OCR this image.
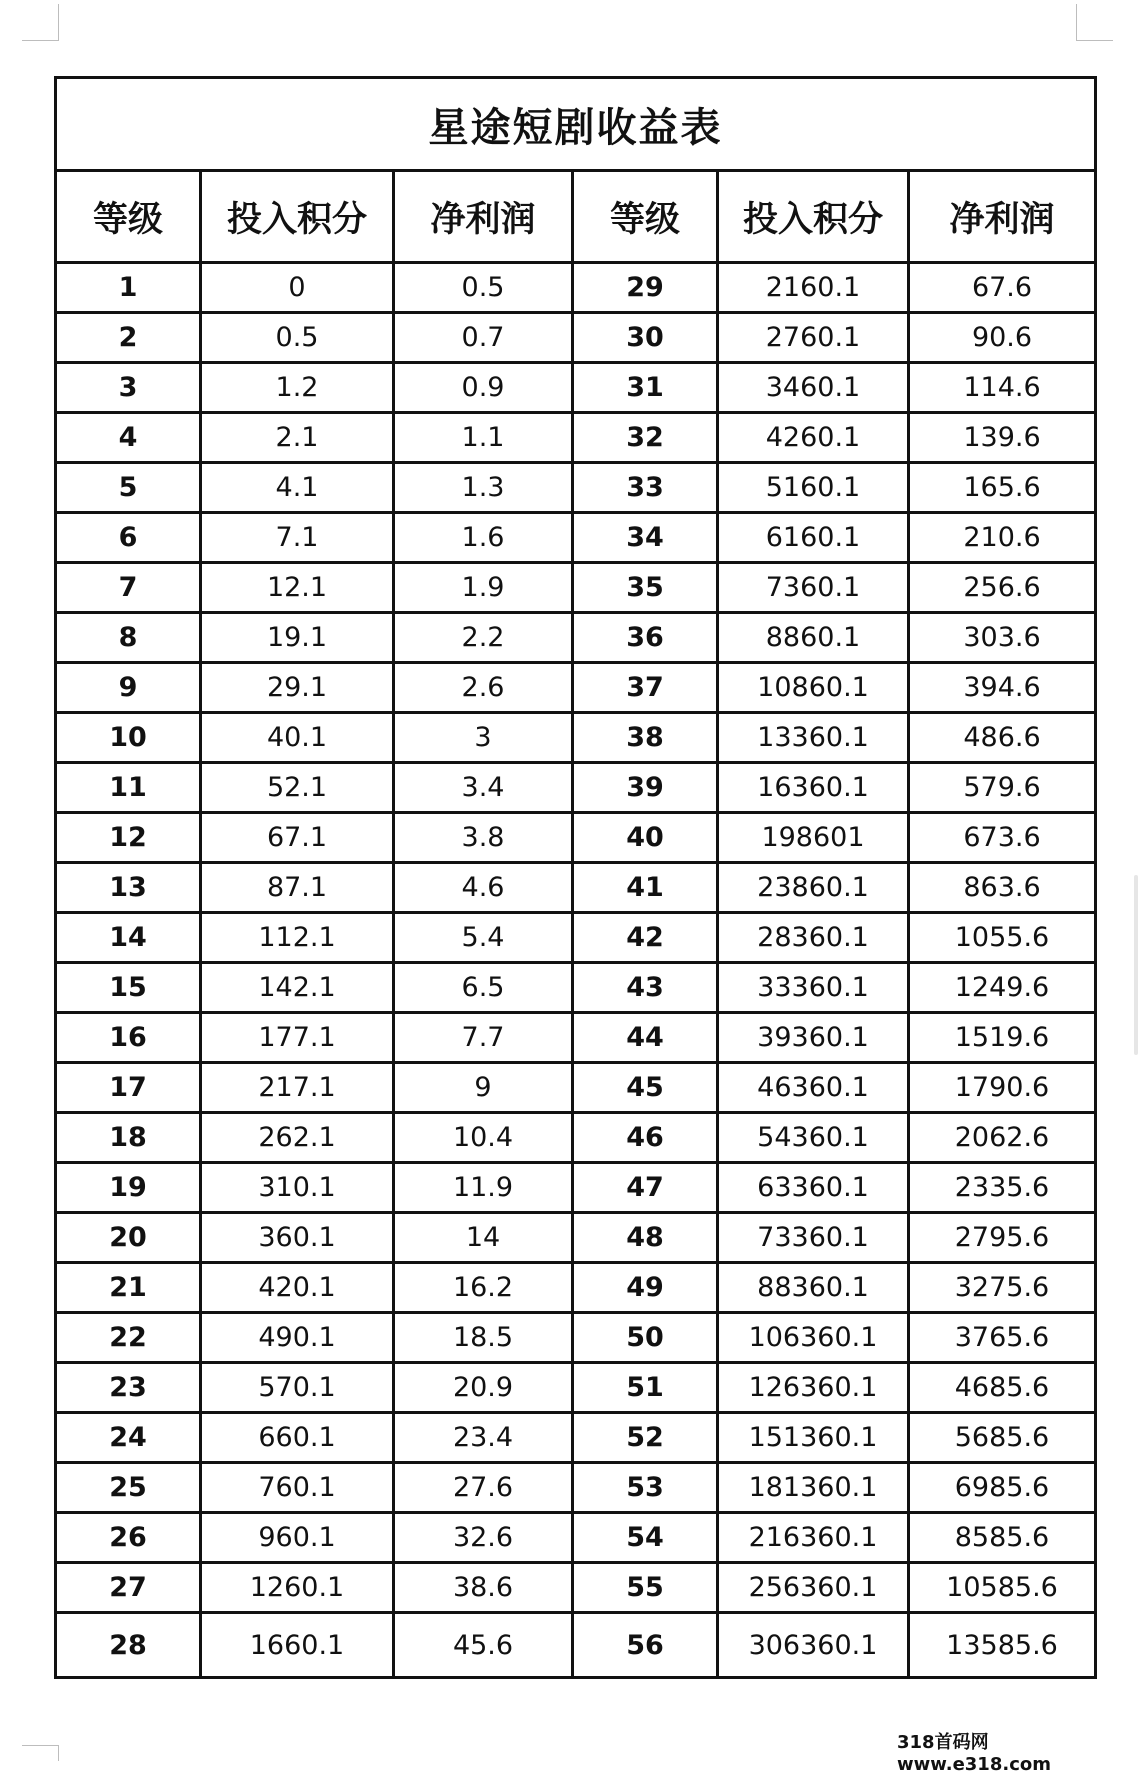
星途短剧收益表					
等级	投入积分	净利润	等级	投入积分	净利润
1	0	0.5	29	2160.1	67.6
2	0.5	0.7	30	2760.1	90.6
3	1.2	0.9	31	3460.1	114.6
4	2.1	1.1	32	4260.1	139.6
5	4.1	1.3	33	5160.1	165.6
6	7.1	1.6	34	6160.1	210.6
7	12.1	1.9	35	7360.1	256.6
8	19.1	2.2	36	8860.1	303.6
9	29.1	2.6	37	10860.1	394.6
10	40.1	3	38	13360.1	486.6
11	52.1	3.4	39	16360.1	579.6
12	67.1	3.8	40	198601	673.6
13	87.1	4.6	41	23860.1	863.6
14	112.1	5.4	42	28360.1	1055.6
15	142.1	6.5	43	33360.1	1249.6
16	177.1	7.7	44	39360.1	1519.6
17	217.1	9	45	46360.1	1790.6
18	262.1	10.4	46	54360.1	2062.6
19	310.1	11.9	47	63360.1	2335.6
20	360.1	14	48	73360.1	2795.6
21	420.1	16.2	49	88360.1	3275.6
22	490.1	18.5	50	106360.1	3765.6
23	570.1	20.9	51	126360.1	4685.6
24	660.1	23.4	52	151360.1	5685.6
25	760.1	27.6	53	181360.1	6985.6
26	960.1	32.6	54	216360.1	8585.6
27	1260.1	38.6	55	256360.1	10585.6
28	1660.1	45.6	56	306360.1	13585.6
318首码网 www.e318.com
